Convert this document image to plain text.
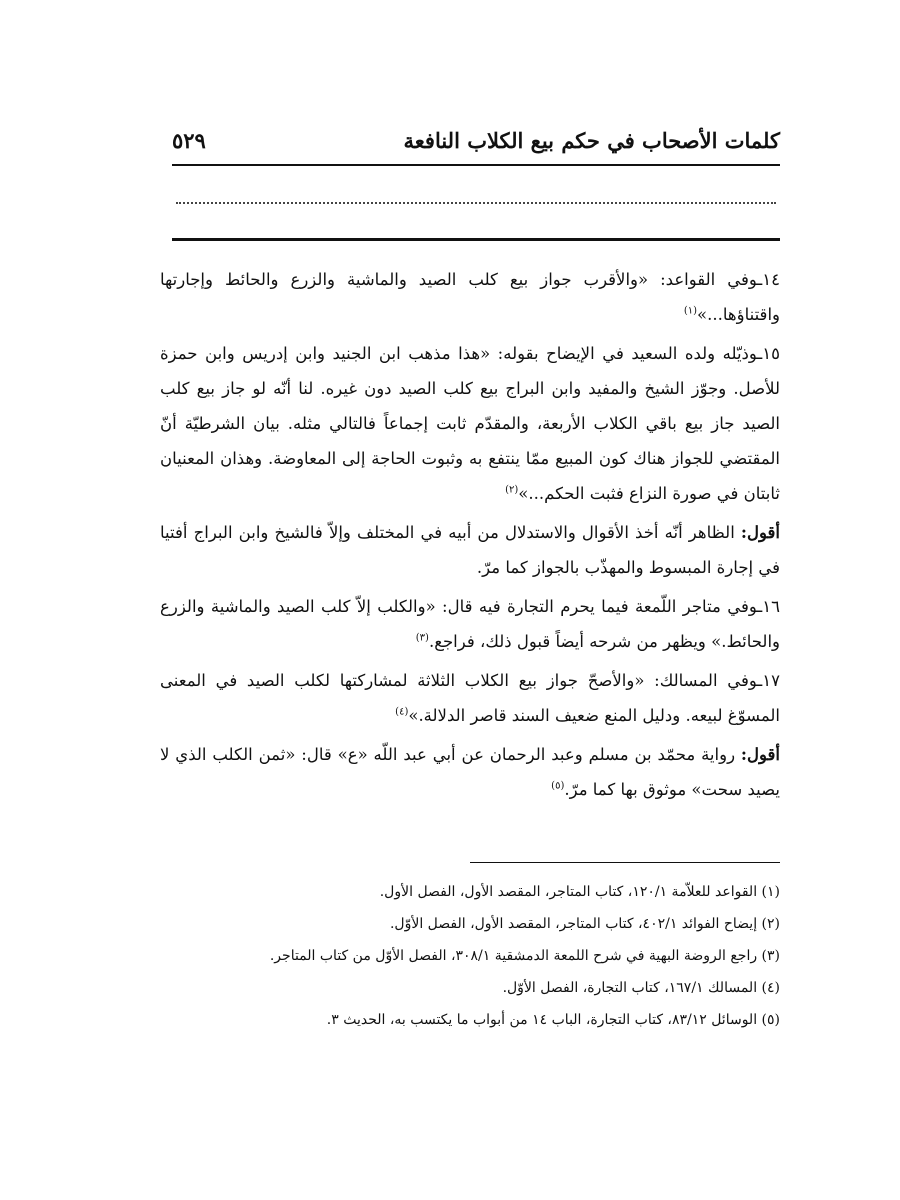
كلمات الأصحاب في حكم بيع الكلاب النافعة
٥٢٩

١٤ـوفي القواعد: «والأقرب جواز بيع كلب الصيد والماشية والزرع والحائط وإجارتها واقتناؤها...»$^{(١)}$

١٥ـوذيّله ولده السعيد في الإيضاح بقوله: «هذا مذهب ابن الجنيد وابن إدريس وابن حمزة للأصل. وجوّز الشيخ والمفيد وابن البراج بيع كلب الصيد دون غيره. لنا أنّه لو جاز بيع كلب الصيد جاز بيع باقي الكلاب الأربعة، والمقدّم ثابت إجماعاً فالتالي مثله. بيان الشرطيّة أنّ المقتضي للجواز هناك كون المبيع ممّا ينتفع به وثبوت الحاجة إلى المعاوضة. وهذان المعنيان ثابتان في صورة النزاع فثبت الحكم...»$^{(٢)}$

أقول: الظاهر أنّه أخذ الأقوال والاستدلال من أبيه في المختلف وإلاّ فالشيخ وابن البراج أفتيا في إجارة المبسوط والمهذّب بالجواز كما مرّ.

١٦ـوفي متاجر اللّمعة فيما يحرم التجارة فيه قال: «والكلب إلاّ كلب الصيد والماشية والزرع والحائط.» ويظهر من شرحه أيضاً قبول ذلك، فراجع.$^{(٣)}$

١٧ـوفي المسالك: «والأصحّ جواز بيع الكلاب الثلاثة لمشاركتها لكلب الصيد في المعنى المسوّغ لبيعه. ودليل المنع ضعيف السند قاصر الدلالة.»$^{(٤)}$

أقول: رواية محمّد بن مسلم وعبد الرحمان عن أبي عبد اللّه «ع» قال: «ثمن الكلب الذي لا يصيد سحت» موثوق بها كما مرّ.$^{(٥)}$

(١) القواعد للعلاّمة ١٢٠/١، كتاب المتاجر، المقصد الأول، الفصل الأول.

(٢) إيضاح الفوائد ٤٠٢/١، كتاب المتاجر، المقصد الأول، الفصل الأوّل.

(٣) راجع الروضة البهية في شرح اللمعة الدمشقية ٣٠٨/١، الفصل الأوّل من كتاب المتاجر.

(٤) المسالك ١٦٧/١، كتاب التجارة، الفصل الأوّل.

(٥) الوسائل ٨٣/١٢، كتاب التجارة، الباب ١٤ من أبواب ما يكتسب به، الحديث ٣.
